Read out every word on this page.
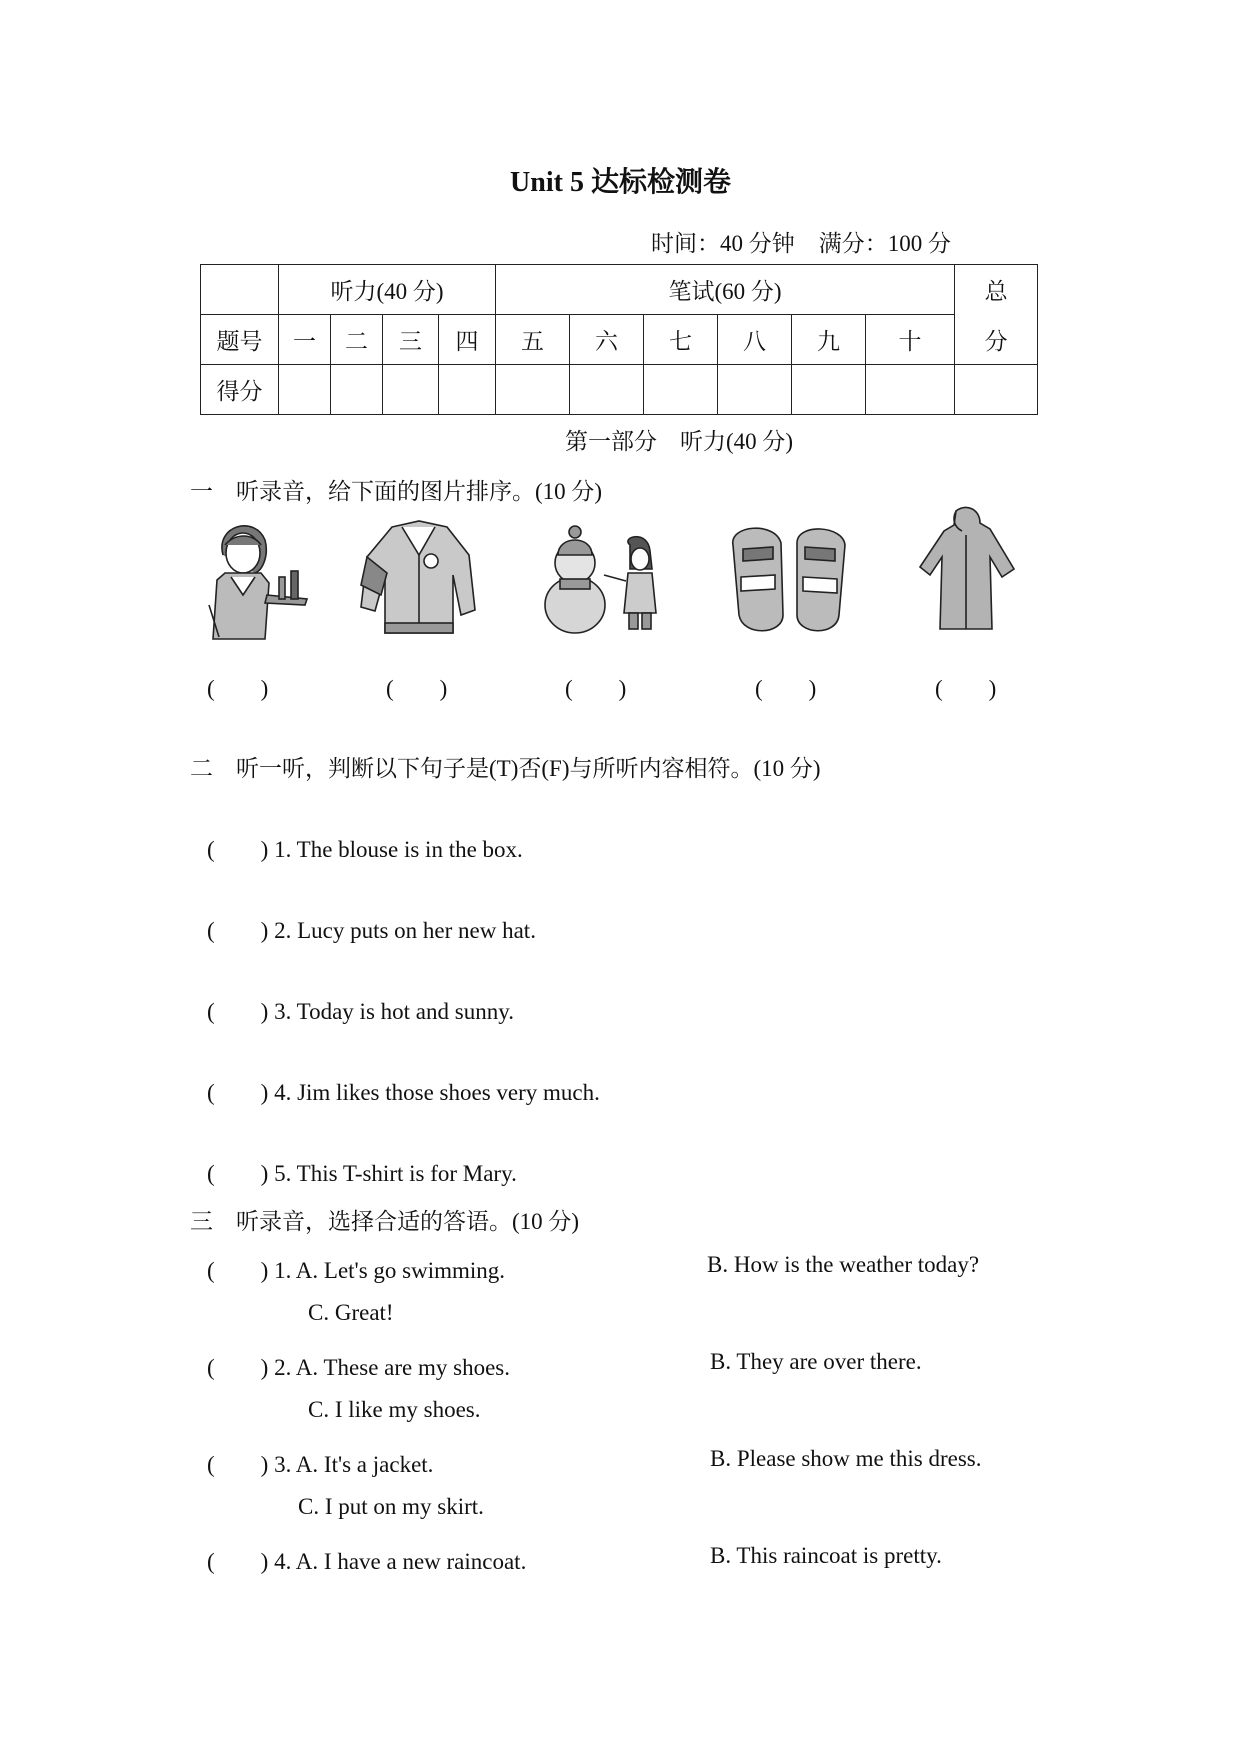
Unit 5 达标检测卷
时间：40 分钟 满分：100 分
	听力(40 分)				笔试(60 分)						总
题号	一	二	三	四	五	六	七	八	九	十	分
得分											
第一部分　听力(40 分)
一　听录音，给下面的图片排序。(10 分)
(　　)	(　　)	(　　)	(　　)	(　　)
二　听一听，判断以下句子是(T)否(F)与所听内容相符。(10 分)
(　　) 1. The blouse is in the box.
(　　) 2. Lucy puts on her new hat.
(　　) 3. Today is hot and sunny.
(　　) 4. Jim likes those shoes very much.
(　　) 5. This T-shirt is for Mary.
三　听录音，选择合适的答语。(10 分)
(　　) 1. A. Let's go swimming.	B. How is the weather today?
C. Great!
(　　) 2. A. These are my shoes.	B. They are over there.
C. I like my shoes.
(　　) 3. A. It's a jacket.	B. Please show me this dress.
C. I put on my skirt.
(　　) 4. A. I have a new raincoat.	B. This raincoat is pretty.
